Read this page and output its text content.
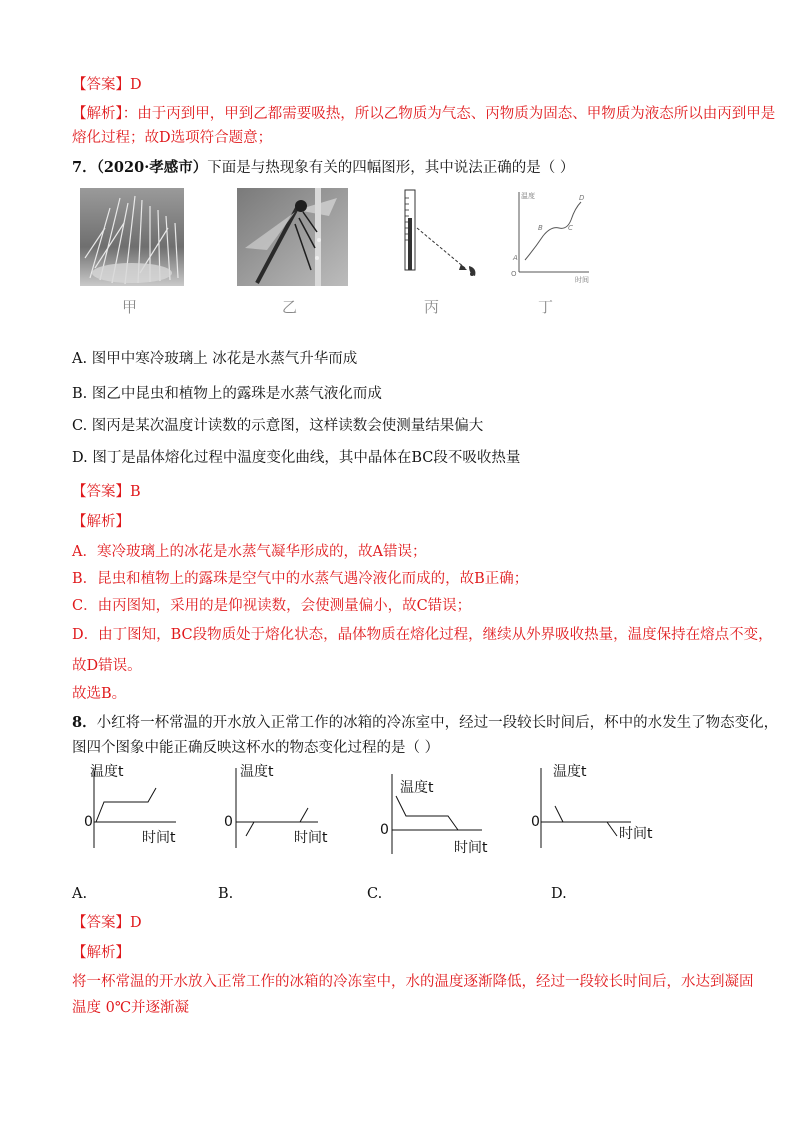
【答案】D
【解析】：由于丙到甲，甲到乙都需要吸热，所以乙物质为气态、丙物质为固态、甲物质为液态所以由丙到甲是
熔化过程；故D选项符合题意；
7．（2020·孝感市）下面是与热现象有关的四幅图形，其中说法正确的是（ ）
温度
时间
O
A
B	C
D
甲	乙	丙	丁
A. 图甲中寒冷玻璃上 冰花是水蒸气升华而成
B. 图乙中昆虫和植物上的露珠是水蒸气液化而成
C. 图丙是某次温度计读数的示意图，这样读数会使测量结果偏大
D. 图丁是晶体熔化过程中温度变化曲线，其中晶体在BC段不吸收热量
【答案】B
【解析】
A．寒冷玻璃上的冰花是水蒸气凝华形成的，故A错误；
B．昆虫和植物上的露珠是空气中的水蒸气遇冷液化而成的，故B正确；
C．由丙图知，采用的是仰视读数，会使测量偏小，故C错误；
D．由丁图知，BC段物质处于熔化状态，晶体物质在熔化过程，继续从外界吸收热量，温度保持在熔点不变，
故D错误。
故选B。
8．小红将一杯常温的开水放入正常工作的冰箱的冷冻室中，经过一段较长时间后，杯中的水发生了物态变化，
图四个图象中能正确反映这杯水的物态变化过程的是（ ）
0
温度t
时间t
0
温度t
时间t	0
温度t
时间t
0
温度t
时间t
A.	B.	C.	D.
【答案】D
【解析】
将一杯常温的开水放入正常工作的冰箱的冷冻室中，水的温度逐渐降低，经过一段较长时间后，水达到凝固
温度 0℃并逐渐凝
